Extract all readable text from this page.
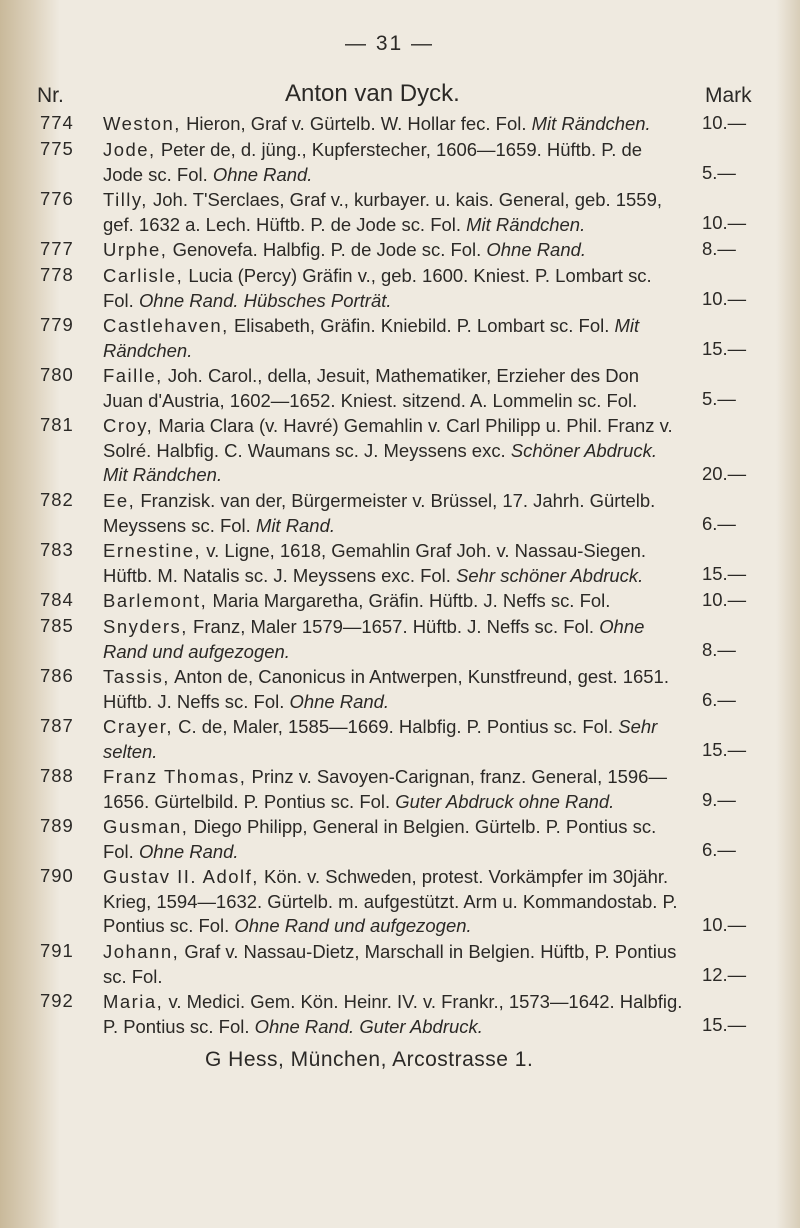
— 31 —
Nr.	Anton van Dyck.	Mark
G Hess, München, Arcostrasse 1.
774 Weston, Hieron, Graf v. Gürtelb. W. Hollar fec. Fol. Mit Rändchen.	10.—
775 Jode, Peter de, d. jüng., Kupferstecher, 1606—1659. Hüftb. P. de Jode sc. Fol. Ohne Rand.	5.—
776 Tilly, Joh. T'Serclaes, Graf v., kurbayer. u. kais. General, geb. 1559, gef. 1632 a. Lech. Hüftb. P. de Jode sc. Fol. Mit Rändchen.	10.—
777 Urphe, Genovefa. Halbfig. P. de Jode sc. Fol. Ohne Rand.	8.—
778 Carlisle, Lucia (Percy) Gräfin v., geb. 1600. Kniest. P. Lombart sc. Fol. Ohne Rand. Hübsches Porträt.	10.—
779 Castlehaven, Elisabeth, Gräfin. Kniebild. P. Lombart sc. Fol. Mit Rändchen.	15.—
780 Faille, Joh. Carol., della, Jesuit, Mathematiker, Erzieher des Don Juan d'Austria, 1602—1652. Kniest. sitzend. A. Lommelin sc. Fol.	5.—
781 Croy, Maria Clara (v. Havré) Gemahlin v. Carl Philipp u. Phil. Franz v. Solré. Halbfig. C. Waumans sc. J. Meyssens exc. Schöner Abdruck. Mit Rändchen.	20.—
782 Ee, Franzisk. van der, Bürgermeister v. Brüssel, 17. Jahrh. Gürtelb. Meyssens sc. Fol. Mit Rand.	6.—
783 Ernestine, v. Ligne, 1618, Gemahlin Graf Joh. v. Nassau-Siegen. Hüftb. M. Natalis sc. J. Meyssens exc. Fol. Sehr schöner Abdruck.	15.—
784 Barlemont, Maria Margaretha, Gräfin. Hüftb. J. Neffs sc. Fol.	10.—
785 Snyders, Franz, Maler 1579—1657. Hüftb. J. Neffs sc. Fol. Ohne Rand und aufgezogen.	8.—
786 Tassis, Anton de, Canonicus in Antwerpen, Kunstfreund, gest. 1651. Hüftb. J. Neffs sc. Fol. Ohne Rand.	6.—
787 Crayer, C. de, Maler, 1585—1669. Halbfig. P. Pontius sc. Fol. Sehr selten.	15.—
788 Franz Thomas, Prinz v. Savoyen-Carignan, franz. General, 1596—1656. Gürtelbild. P. Pontius sc. Fol. Guter Abdruck ohne Rand.	9.—
789 Gusman, Diego Philipp, General in Belgien. Gürtelb. P. Pontius sc. Fol. Ohne Rand.	6.—
790 Gustav II. Adolf, Kön. v. Schweden, protest. Vorkämpfer im 30jähr. Krieg, 1594—1632. Gürtelb. m. aufgestützt. Arm u. Kommandostab. P. Pontius sc. Fol. Ohne Rand und aufgezogen.	10.—
791 Johann, Graf v. Nassau-Dietz, Marschall in Belgien. Hüftb, P. Pontius sc. Fol.	12.—
792 Maria, v. Medici. Gem. Kön. Heinr. IV. v. Frankr., 1573—1642. Halbfig. P. Pontius sc. Fol. Ohne Rand. Guter Abdruck.	15.—
